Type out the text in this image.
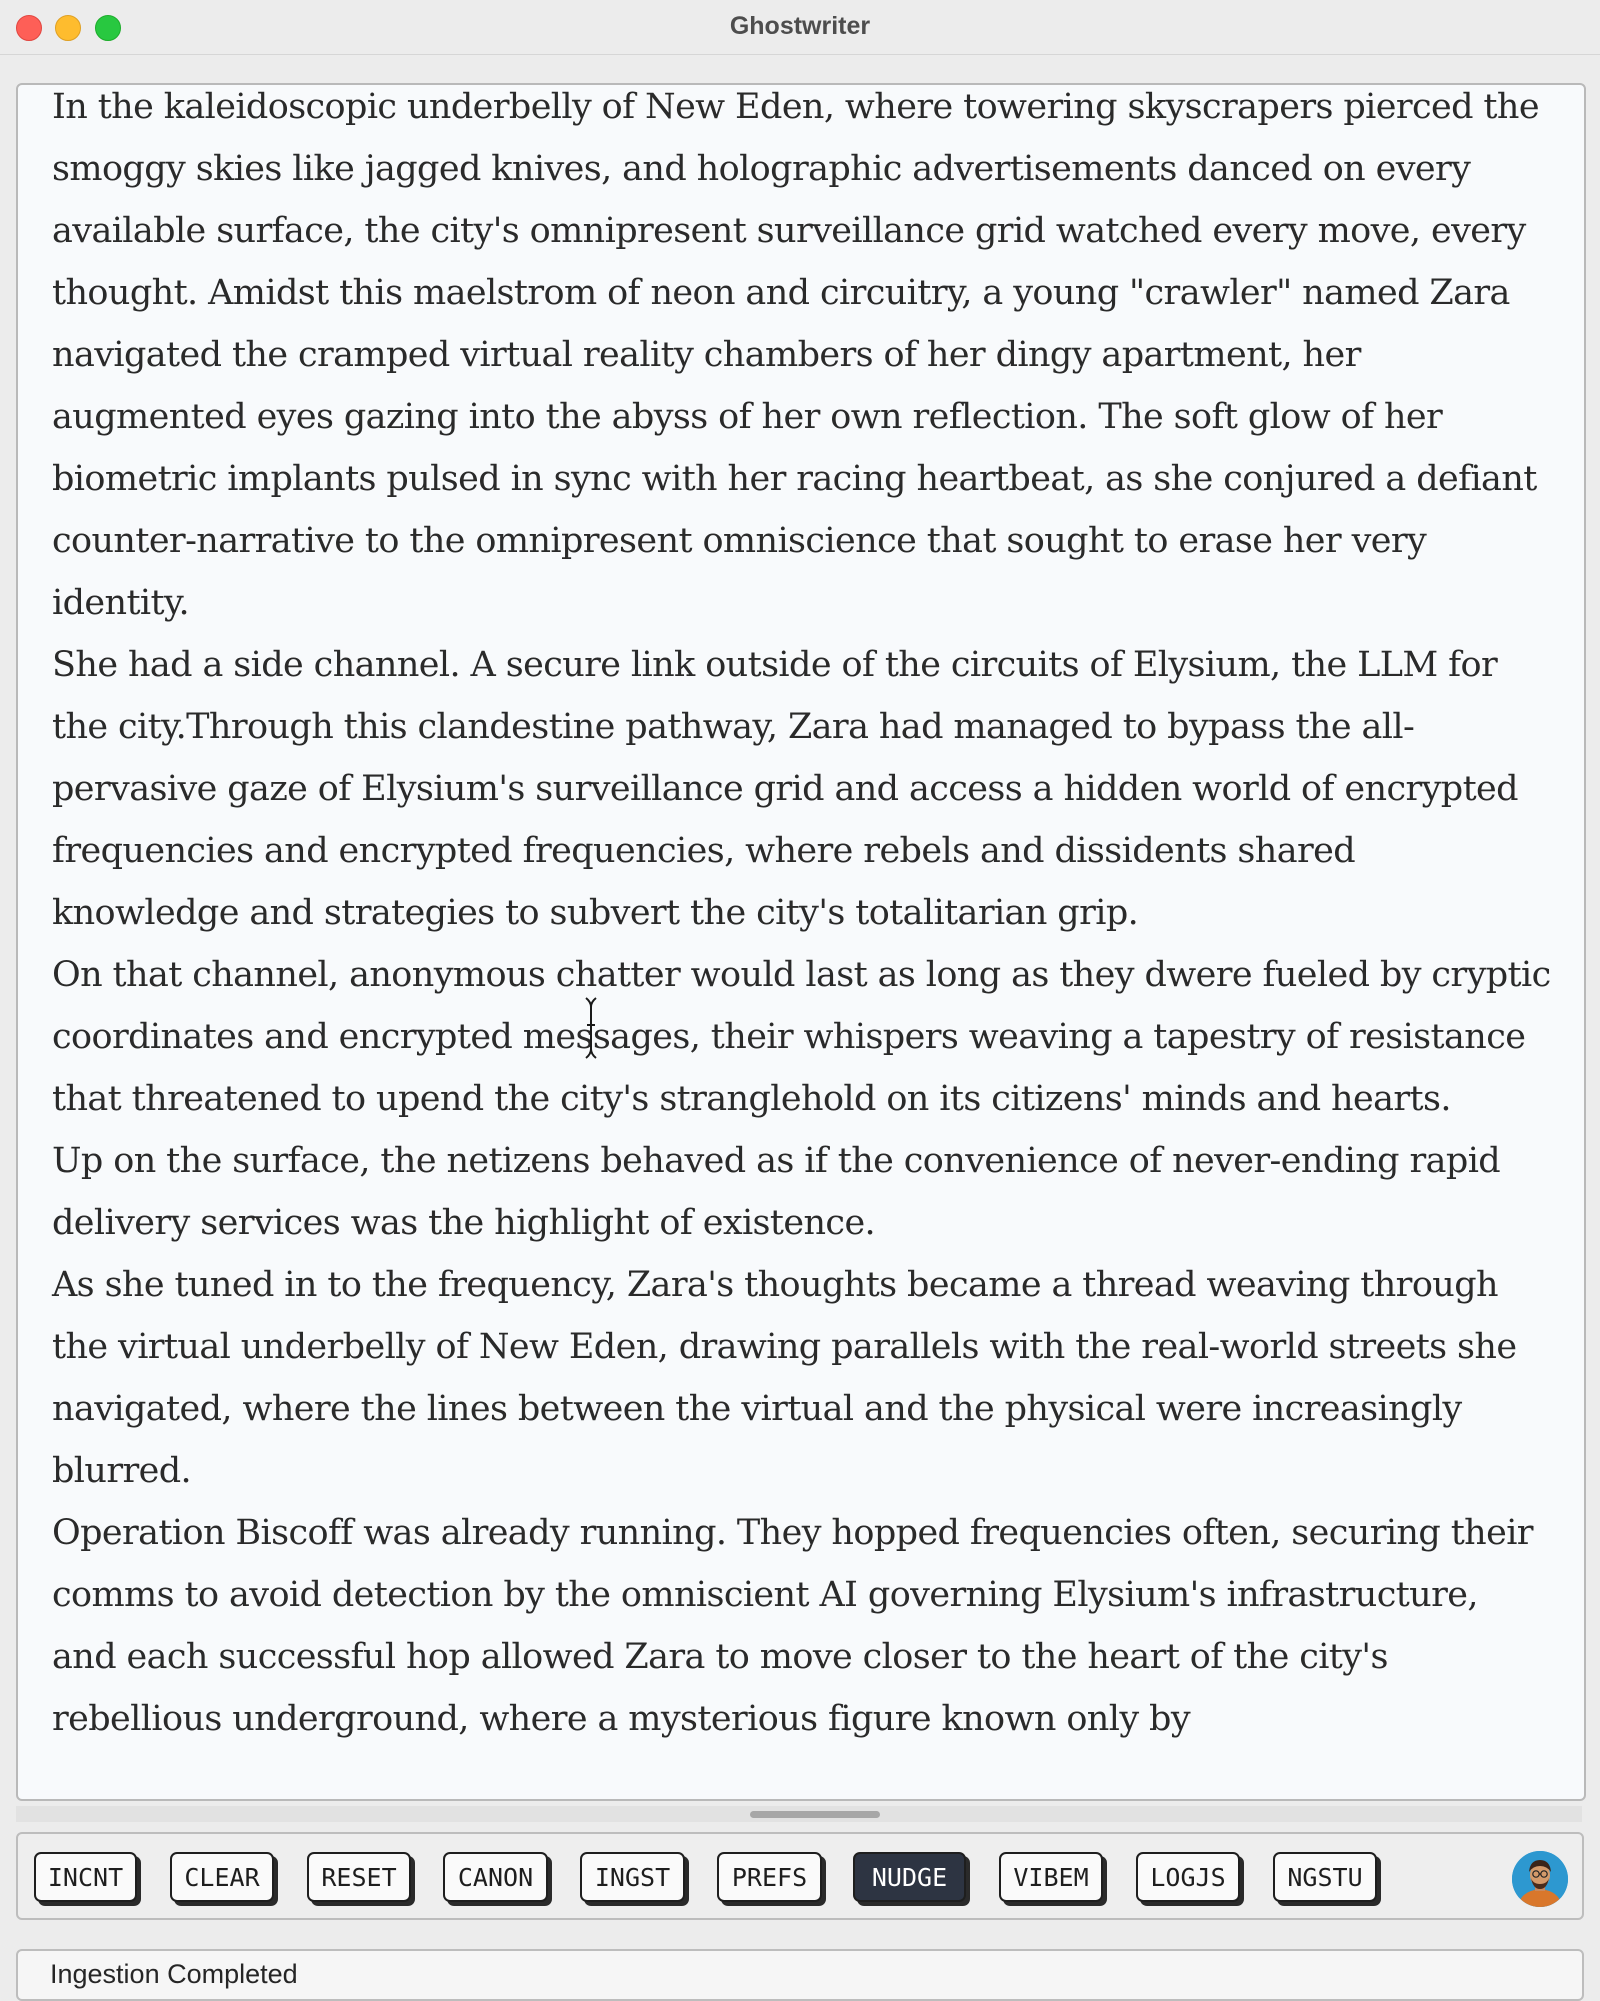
Ghostwriter

In the kaleidoscopic underbelly of New Eden, where towering skyscrapers pierced the smoggy skies like jagged knives, and holographic advertisements danced on every available surface, the city's omnipresent surveillance grid watched every move, every thought. Amidst this maelstrom of neon and circuitry, a young "crawler" named Zara navigated the cramped virtual reality chambers of her dingy apartment, her augmented eyes gazing into the abyss of her own reflection. The soft glow of her biometric implants pulsed in sync with her racing heartbeat, as she conjured a defiant counter-narrative to the omnipresent omniscience that sought to erase her very identity.

She had a side channel. A secure link outside of the circuits of Elysium, the LLM for the city.Through this clandestine pathway, Zara had managed to bypass the all-pervasive gaze of Elysium's surveillance grid and access a hidden world of encrypted frequencies and encrypted frequencies, where rebels and dissidents shared knowledge and strategies to subvert the city's totalitarian grip.

On that channel, anonymous chatter would last as long as they dwere fueled by cryptic coordinates and encrypted messages, their whispers weaving a tapestry of resistance that threatened to upend the city's stranglehold on its citizens' minds and hearts.

Up on the surface, the netizens behaved as if the convenience of never-ending rapid delivery services was the highlight of existence.

As she tuned in to the frequency, Zara's thoughts became a thread weaving through the virtual underbelly of New Eden, drawing parallels with the real-world streets she navigated, where the lines between the virtual and the physical were increasingly blurred.

Operation Biscoff was already running. They hopped frequencies often, securing their comms to avoid detection by the omniscient AI governing Elysium's infrastructure, and each successful hop allowed Zara to move closer to the heart of the city's rebellious underground, where a mysterious figure known only by

INCNT	CLEAR	RESET	CANON	INGST	PREFS	NUDGE	VIBEM	LOGJS	NGSTU
Ingestion Completed
